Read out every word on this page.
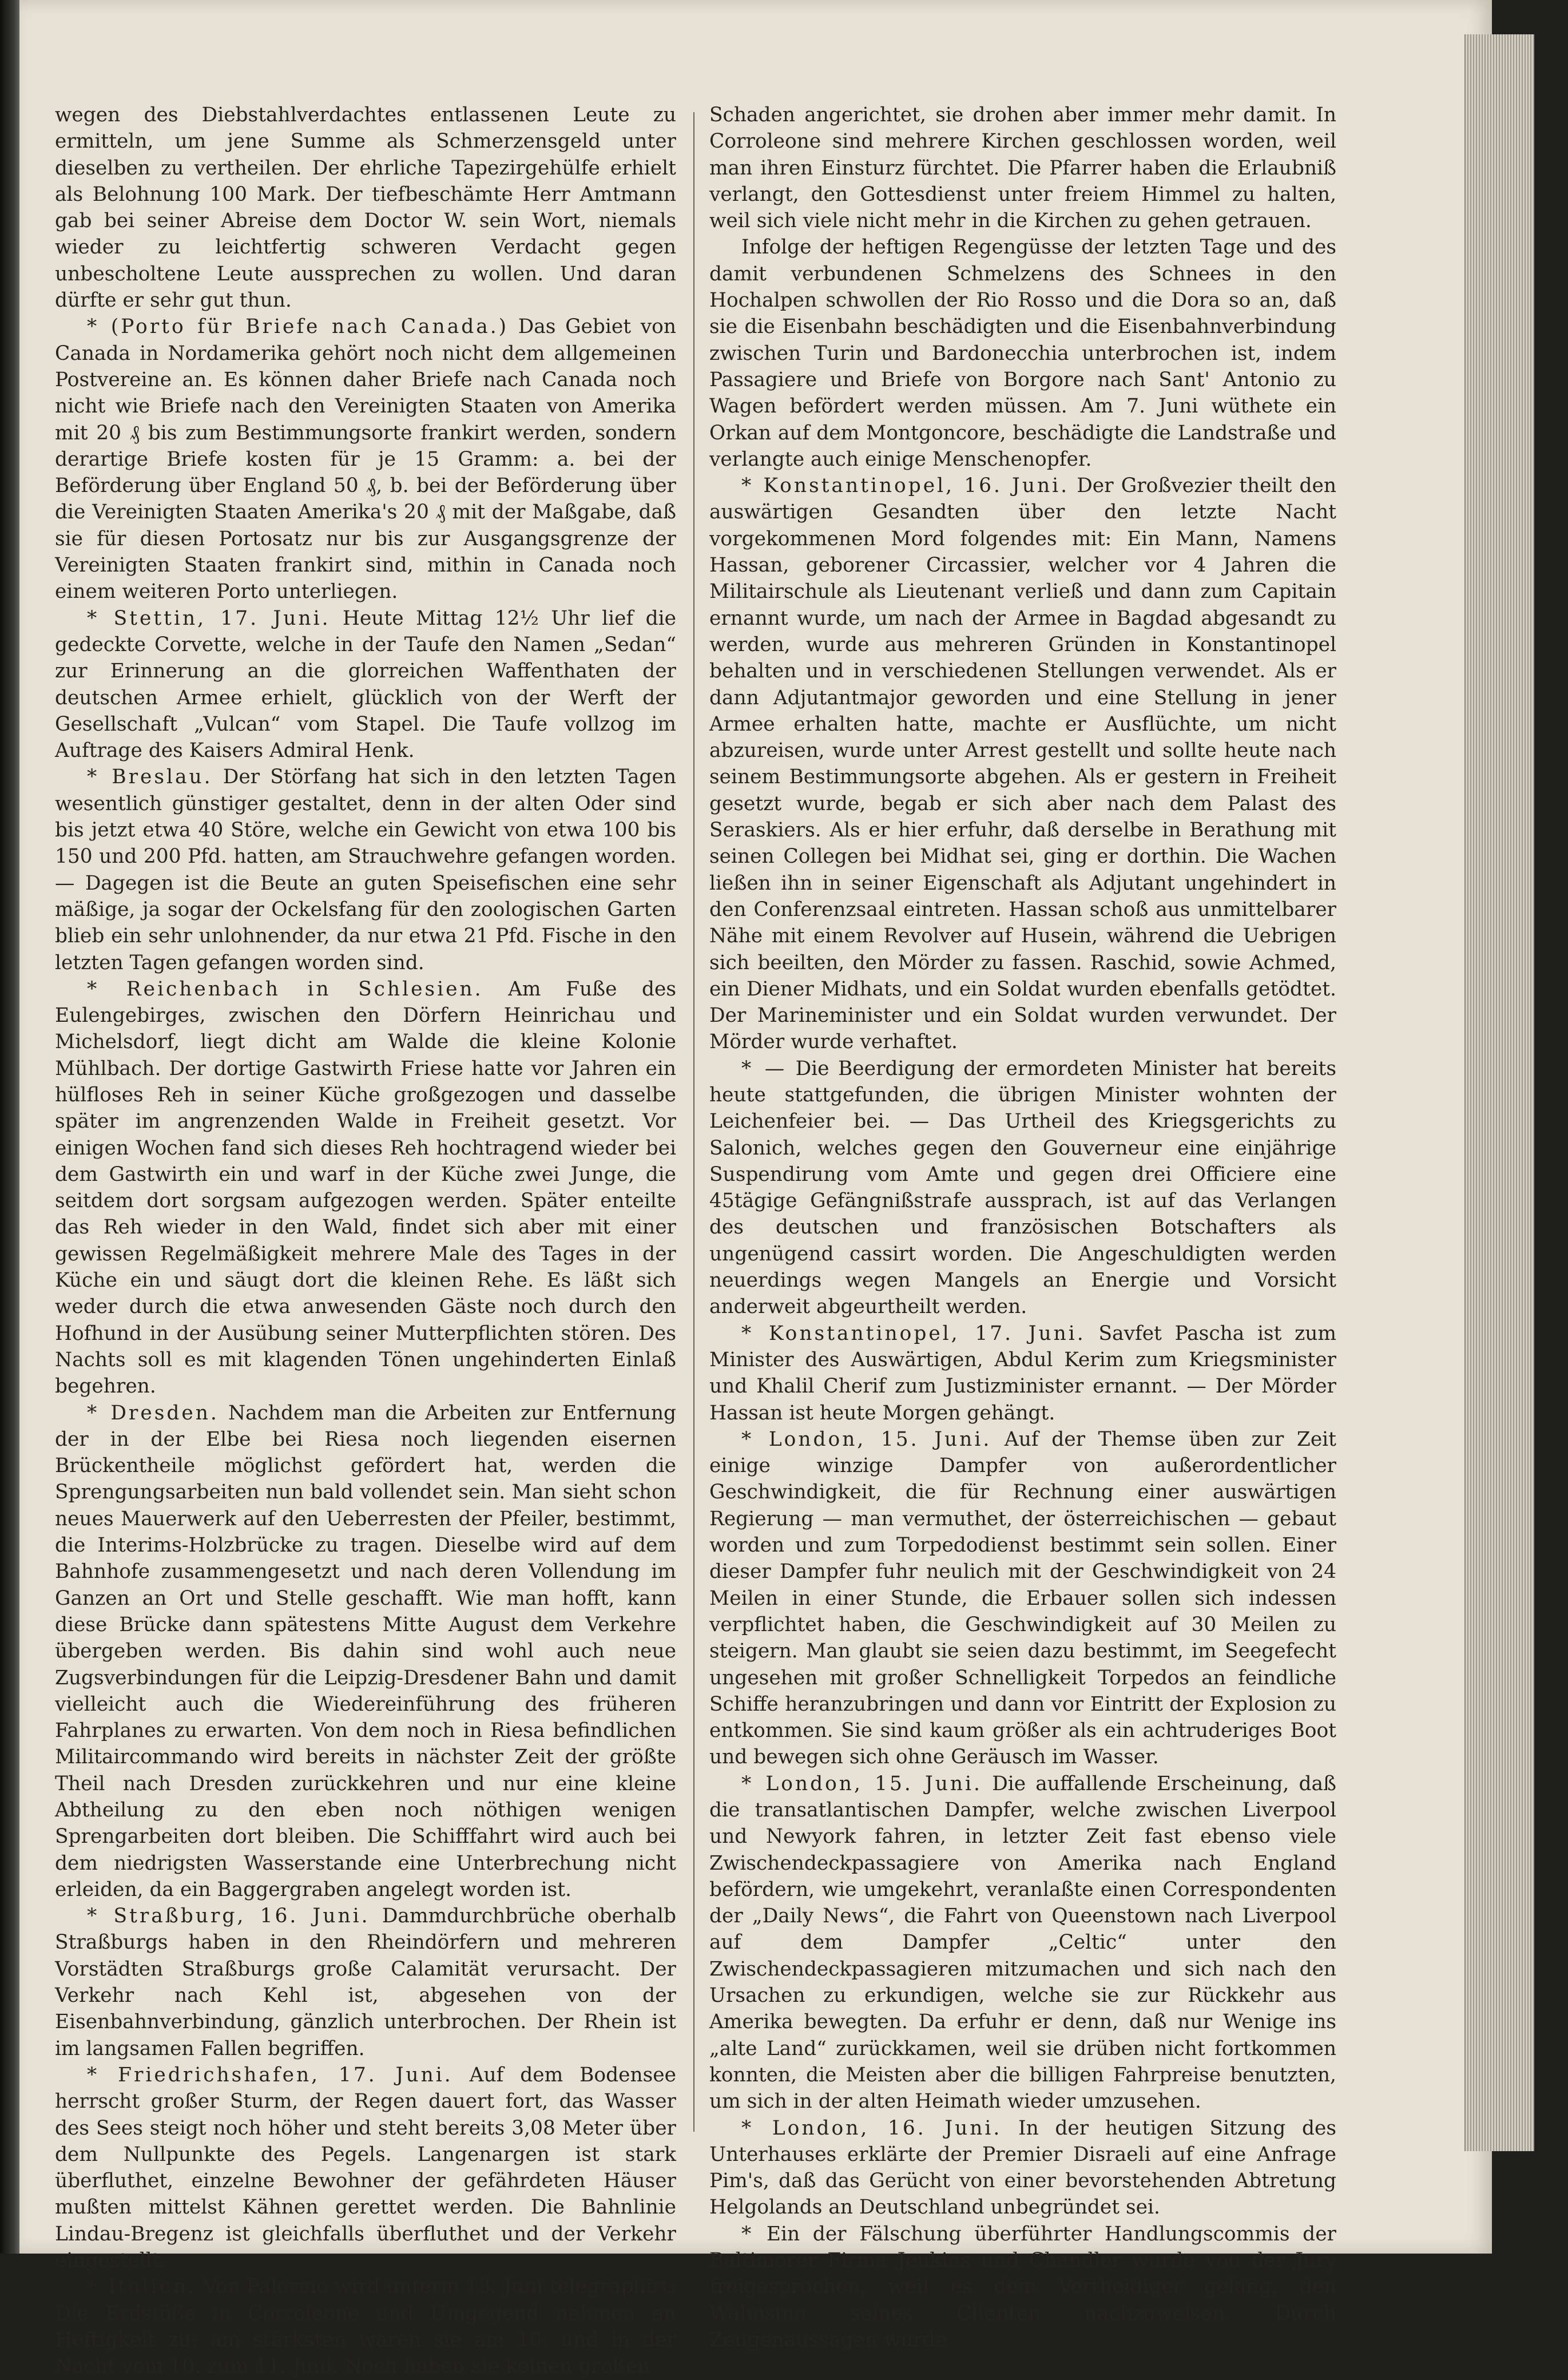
wegen des Diebstahlverdachtes entlassenen Leute zu ermitteln, um jene Summe als Schmerzensgeld unter dieselben zu vertheilen. Der ehrliche Tapezirgehülfe erhielt als Belohnung 100 Mark. Der tiefbeschämte Herr Amtmann gab bei seiner Abreise dem Doctor W. sein Wort, niemals wieder zu leichtfertig schweren Verdacht gegen unbescholtene Leute aussprechen zu wollen. Und daran dürfte er sehr gut thun.

* (Porto für Briefe nach Canada.) Das Gebiet von Canada in Nordamerika gehört noch nicht dem allgemeinen Postvereine an. Es können daher Briefe nach Canada noch nicht wie Briefe nach den Vereinigten Staaten von Amerika mit 20 ₰ bis zum Bestimmungsorte frankirt werden, sondern derartige Briefe kosten für je 15 Gramm: a. bei der Beförderung über England 50 ₰, b. bei der Beförderung über die Vereinigten Staaten Amerika's 20 ₰ mit der Maßgabe, daß sie für diesen Portosatz nur bis zur Ausgangsgrenze der Vereinigten Staaten frankirt sind, mithin in Canada noch einem weiteren Porto unterliegen.

* Stettin, 17. Juni. Heute Mittag 12½ Uhr lief die gedeckte Corvette, welche in der Taufe den Namen „Sedan“ zur Erinnerung an die glorreichen Waffenthaten der deutschen Armee erhielt, glücklich von der Werft der Gesellschaft „Vulcan“ vom Stapel. Die Taufe vollzog im Auftrage des Kaisers Admiral Henk.

* Breslau. Der Störfang hat sich in den letzten Tagen wesentlich günstiger gestaltet, denn in der alten Oder sind bis jetzt etwa 40 Störe, welche ein Gewicht von etwa 100 bis 150 und 200 Pfd. hatten, am Strauchwehre gefangen worden. — Dagegen ist die Beute an guten Speisefischen eine sehr mäßige, ja sogar der Ockelsfang für den zoologischen Garten blieb ein sehr unlohnender, da nur etwa 21 Pfd. Fische in den letzten Tagen gefangen worden sind.

* Reichenbach in Schlesien. Am Fuße des Eulengebirges, zwischen den Dörfern Heinrichau und Michelsdorf, liegt dicht am Walde die kleine Kolonie Mühlbach. Der dortige Gastwirth Friese hatte vor Jahren ein hülfloses Reh in seiner Küche großgezogen und dasselbe später im angrenzenden Walde in Freiheit gesetzt. Vor einigen Wochen fand sich dieses Reh hochtragend wieder bei dem Gastwirth ein und warf in der Küche zwei Junge, die seitdem dort sorgsam aufgezogen werden. Später enteilte das Reh wieder in den Wald, findet sich aber mit einer gewissen Regelmäßigkeit mehrere Male des Tages in der Küche ein und säugt dort die kleinen Rehe. Es läßt sich weder durch die etwa anwesenden Gäste noch durch den Hofhund in der Ausübung seiner Mutterpflichten stören. Des Nachts soll es mit klagenden Tönen ungehinderten Einlaß begehren.

* Dresden. Nachdem man die Arbeiten zur Entfernung der in der Elbe bei Riesa noch liegenden eisernen Brückentheile möglichst gefördert hat, werden die Sprengungsarbeiten nun bald vollendet sein. Man sieht schon neues Mauerwerk auf den Ueberresten der Pfeiler, bestimmt, die Interims-Holzbrücke zu tragen. Dieselbe wird auf dem Bahnhofe zusammengesetzt und nach deren Vollendung im Ganzen an Ort und Stelle geschafft. Wie man hofft, kann diese Brücke dann spätestens Mitte August dem Verkehre übergeben werden. Bis dahin sind wohl auch neue Zugsverbindungen für die Leipzig-Dresdener Bahn und damit vielleicht auch die Wiedereinführung des früheren Fahrplanes zu erwarten. Von dem noch in Riesa befindlichen Militaircommando wird bereits in nächster Zeit der größte Theil nach Dresden zurückkehren und nur eine kleine Abtheilung zu den eben noch nöthigen wenigen Sprengarbeiten dort bleiben. Die Schifffahrt wird auch bei dem niedrigsten Wasserstande eine Unterbrechung nicht erleiden, da ein Baggergraben angelegt worden ist.

* Straßburg, 16. Juni. Dammdurchbrüche oberhalb Straßburgs haben in den Rheindörfern und mehreren Vorstädten Straßburgs große Calamität verursacht. Der Verkehr nach Kehl ist, abgesehen von der Eisenbahnverbindung, gänzlich unterbrochen. Der Rhein ist im langsamen Fallen begriffen.

* Friedrichshafen, 17. Juni. Auf dem Bodensee herrscht großer Sturm, der Regen dauert fort, das Wasser des Sees steigt noch höher und steht bereits 3,08 Meter über dem Nullpunkte des Pegels. Langenargen ist stark überfluthet, einzelne Bewohner der gefährdeten Häuser mußten mittelst Kähnen gerettet werden. Die Bahnlinie Lindau-Bregenz ist gleichfalls überfluthet und der Verkehr eingestellt.

* Italien. Von Palermo wird unterm 13. Juni telegraphirt: Die Erdstöße in Corroleone und Umgegend nehmen an Heftigkeit zu; am stärksten waren sie am 10. und in der Nacht vom 10. zum 11. Juni. Noch haben sie keinen großen

Schaden angerichtet, sie drohen aber immer mehr damit. In Corroleone sind mehrere Kirchen geschlossen worden, weil man ihren Einsturz fürchtet. Die Pfarrer haben die Erlaubniß verlangt, den Gottesdienst unter freiem Himmel zu halten, weil sich viele nicht mehr in die Kirchen zu gehen getrauen.

Infolge der heftigen Regengüsse der letzten Tage und des damit verbundenen Schmelzens des Schnees in den Hochalpen schwollen der Rio Rosso und die Dora so an, daß sie die Eisenbahn beschädigten und die Eisenbahnverbindung zwischen Turin und Bardonecchia unterbrochen ist, indem Passagiere und Briefe von Borgore nach Sant' Antonio zu Wagen befördert werden müssen. Am 7. Juni wüthete ein Orkan auf dem Montgoncore, beschädigte die Landstraße und verlangte auch einige Menschenopfer.

* Konstantinopel, 16. Juni. Der Großvezier theilt den auswärtigen Gesandten über den letzte Nacht vorgekommenen Mord folgendes mit: Ein Mann, Namens Hassan, geborener Circassier, welcher vor 4 Jahren die Militairschule als Lieutenant verließ und dann zum Capitain ernannt wurde, um nach der Armee in Bagdad abgesandt zu werden, wurde aus mehreren Gründen in Konstantinopel behalten und in verschiedenen Stellungen verwendet. Als er dann Adjutantmajor geworden und eine Stellung in jener Armee erhalten hatte, machte er Ausflüchte, um nicht abzureisen, wurde unter Arrest gestellt und sollte heute nach seinem Bestimmungsorte abgehen. Als er gestern in Freiheit gesetzt wurde, begab er sich aber nach dem Palast des Seraskiers. Als er hier erfuhr, daß derselbe in Berathung mit seinen Collegen bei Midhat sei, ging er dorthin. Die Wachen ließen ihn in seiner Eigenschaft als Adjutant ungehindert in den Conferenzsaal eintreten. Hassan schoß aus unmittelbarer Nähe mit einem Revolver auf Husein, während die Uebrigen sich beeilten, den Mörder zu fassen. Raschid, sowie Achmed, ein Diener Midhats, und ein Soldat wurden ebenfalls getödtet. Der Marineminister und ein Soldat wurden verwundet. Der Mörder wurde verhaftet.

* — Die Beerdigung der ermordeten Minister hat bereits heute stattgefunden, die übrigen Minister wohnten der Leichenfeier bei. — Das Urtheil des Kriegsgerichts zu Salonich, welches gegen den Gouverneur eine einjährige Suspendirung vom Amte und gegen drei Officiere eine 45tägige Gefängnißstrafe aussprach, ist auf das Verlangen des deutschen und französischen Botschafters als ungenügend cassirt worden. Die Angeschuldigten werden neuerdings wegen Mangels an Energie und Vorsicht anderweit abgeurtheilt werden.

* Konstantinopel, 17. Juni. Savfet Pascha ist zum Minister des Auswärtigen, Abdul Kerim zum Kriegsminister und Khalil Cherif zum Justizminister ernannt. — Der Mörder Hassan ist heute Morgen gehängt.

* London, 15. Juni. Auf der Themse üben zur Zeit einige winzige Dampfer von außerordentlicher Geschwindigkeit, die für Rechnung einer auswärtigen Regierung — man vermuthet, der österreichischen — gebaut worden und zum Torpedodienst bestimmt sein sollen. Einer dieser Dampfer fuhr neulich mit der Geschwindigkeit von 24 Meilen in einer Stunde, die Erbauer sollen sich indessen verpflichtet haben, die Geschwindigkeit auf 30 Meilen zu steigern. Man glaubt sie seien dazu bestimmt, im Seegefecht ungesehen mit großer Schnelligkeit Torpedos an feindliche Schiffe heranzubringen und dann vor Eintritt der Explosion zu entkommen. Sie sind kaum größer als ein achtruderiges Boot und bewegen sich ohne Geräusch im Wasser.

* London, 15. Juni. Die auffallende Erscheinung, daß die transatlantischen Dampfer, welche zwischen Liverpool und Newyork fahren, in letzter Zeit fast ebenso viele Zwischendeckpassagiere von Amerika nach England befördern, wie umgekehrt, veranlaßte einen Correspondenten der „Daily News“, die Fahrt von Queenstown nach Liverpool auf dem Dampfer „Celtic“ unter den Zwischendeckpassagieren mitzumachen und sich nach den Ursachen zu erkundigen, welche sie zur Rückkehr aus Amerika bewegten. Da erfuhr er denn, daß nur Wenige ins „alte Land“ zurückkamen, weil sie drüben nicht fortkommen konnten, die Meisten aber die billigen Fahrpreise benutzten, um sich in der alten Heimath wieder umzusehen.

* London, 16. Juni. In der heutigen Sitzung des Unterhauses erklärte der Premier Disraeli auf eine Anfrage Pim's, daß das Gerücht von einer bevorstehenden Abtretung Helgolands an Deutschland unbegründet sei.

* Ein der Fälschung überführter Handlungscommis der Baltimorer Firma Jenkins und Chandler wurde von der Jury freigesprochen, weil es dem Vertheidiger gelang, den Wahnsinn seines Clienten nachzuweisen. Durch Zeugenaussagen wurde
